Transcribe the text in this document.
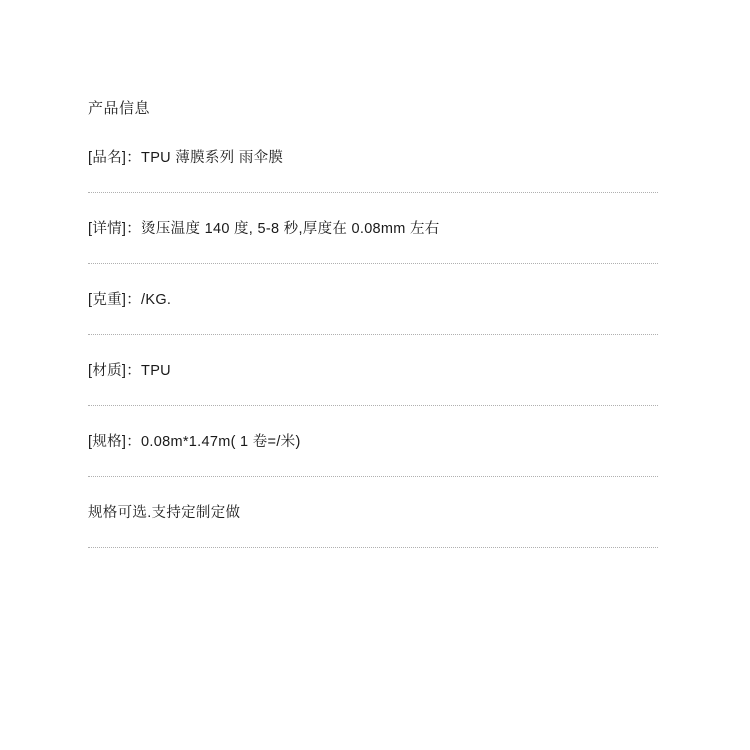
产品信息
[品名]：TPU 薄膜系列 雨伞膜
[详情]：烫压温度 140 度, 5-8 秒,厚度在 0.08mm 左右
[克重]：/KG.
[材质]：TPU
[规格]：0.08m*1.47m( 1 卷=/米)
规格可选.支持定制定做
